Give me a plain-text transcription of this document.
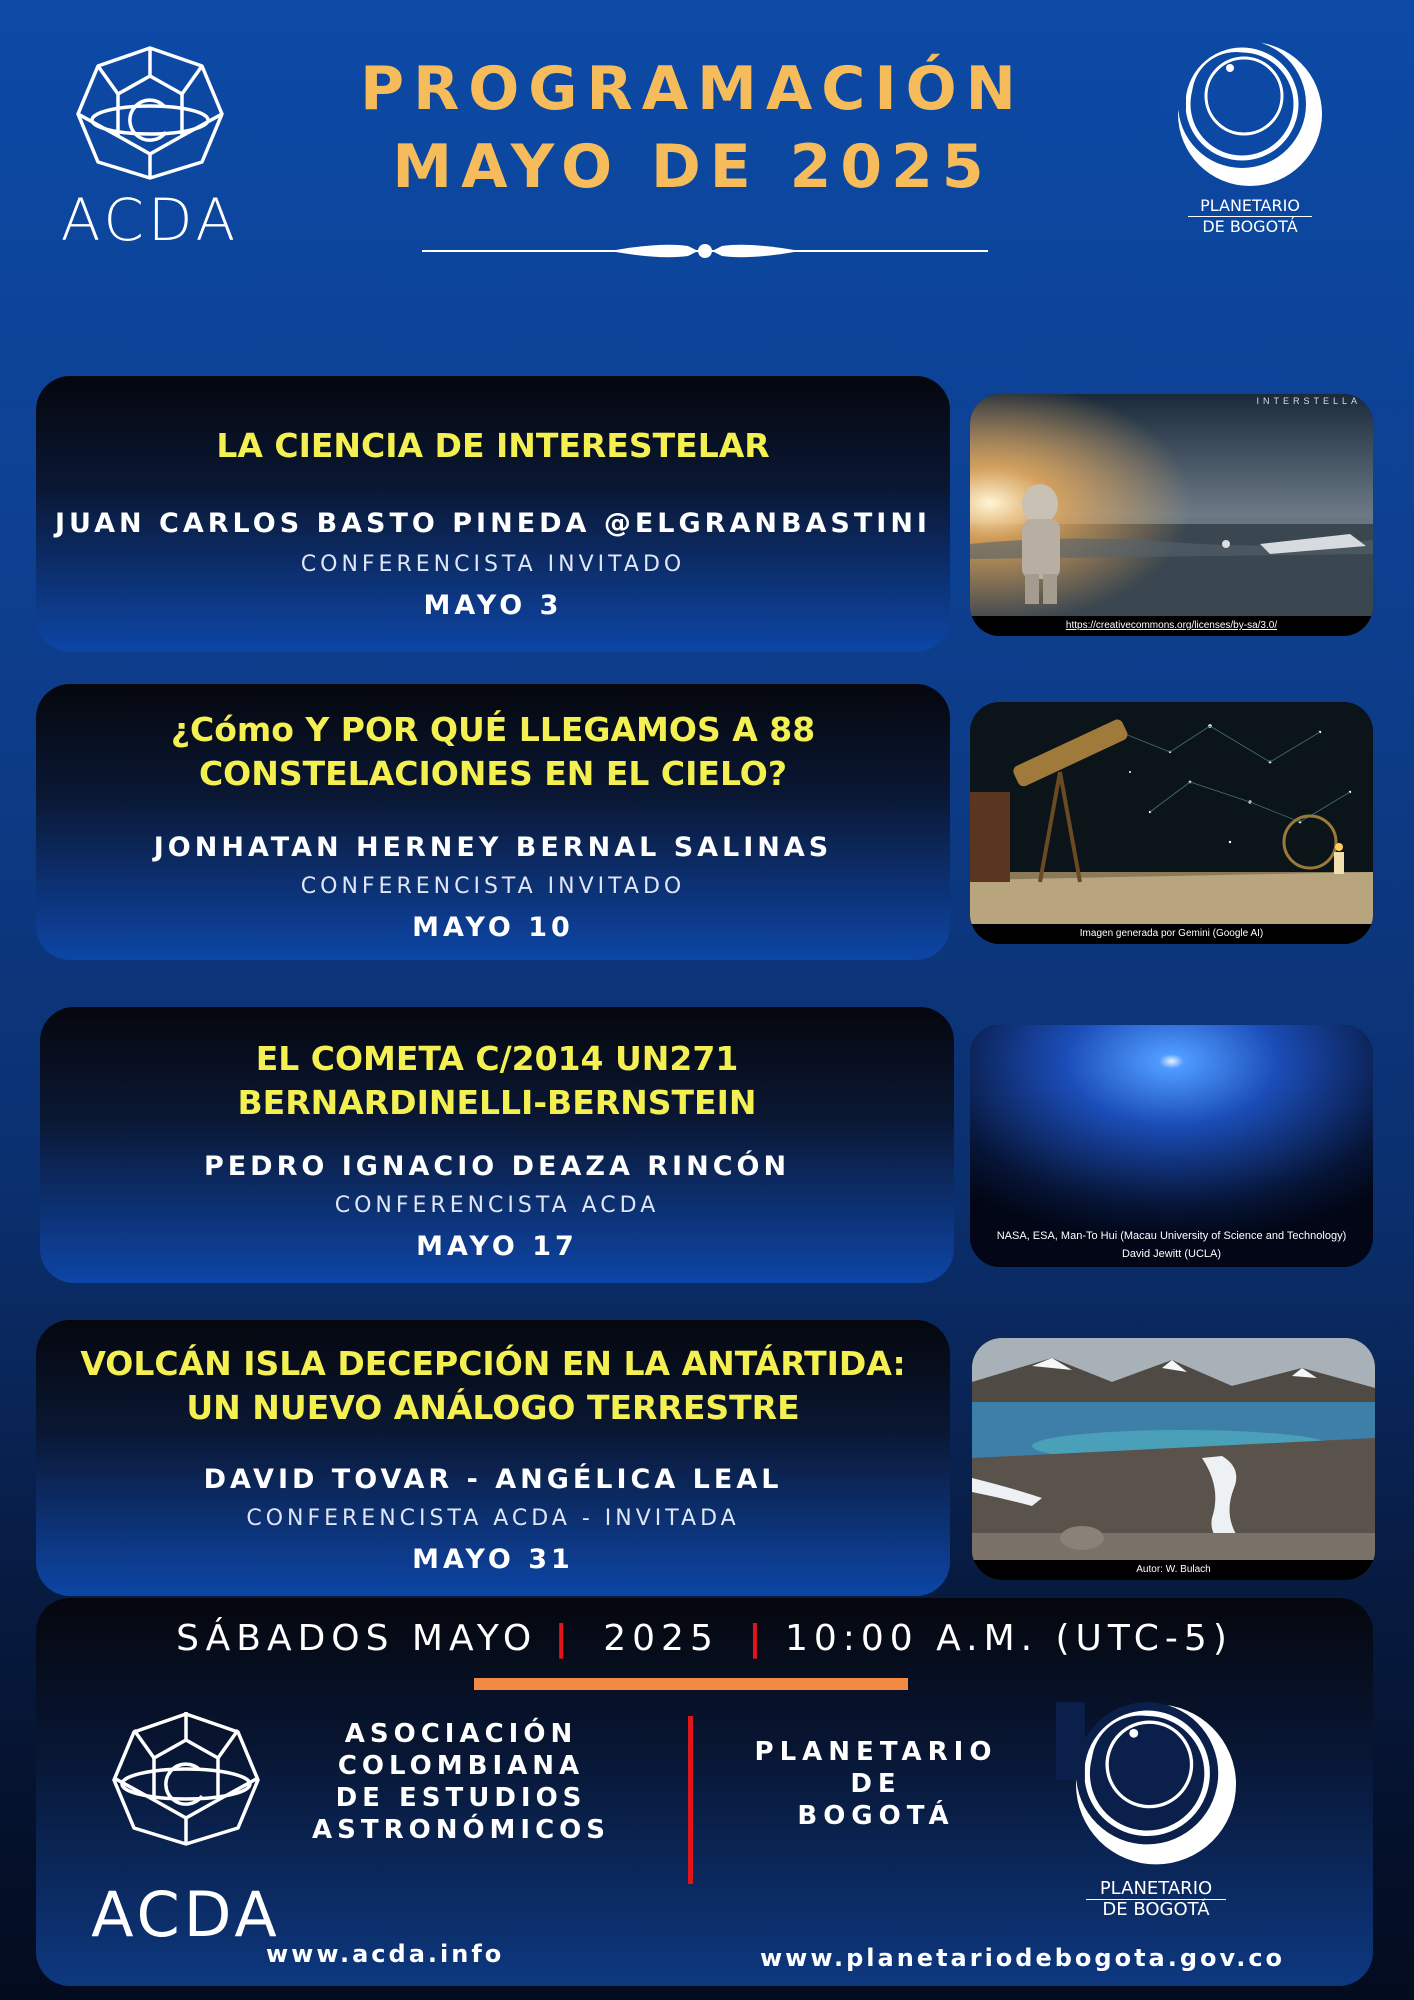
ACDA
PROGRAMACIÓN
MAYO DE 2025
PLANETARIO
DE BOGOTÁ
LA CIENCIA DE INTERESTELAR
JUAN CARLOS BASTO PINEDA @ELGRANBASTINI
CONFERENCISTA INVITADO
MAYO 3
INTERSTELLA
https://creativecommons.org/licenses/by-sa/3.0/
¿Cómo Y POR QUÉ LLEGAMOS A 88
CONSTELACIONES EN EL CIELO?
JONHATAN HERNEY BERNAL SALINAS
CONFERENCISTA INVITADO
MAYO 10	Imagen generada por Gemini (Google AI)
EL COMETA C/2014 UN271
BERNARDINELLI-BERNSTEIN
PEDRO IGNACIO DEAZA RINCÓN
CONFERENCISTA ACDA
MAYO 17	NASA, ESA, Man-To Hui (Macau University of Science and Technology)
David Jewitt (UCLA)
VOLCÁN ISLA DECEPCIÓN EN LA ANTÁRTIDA:
UN NUEVO ANÁLOGO TERRESTRE
DAVID TOVAR - ANGÉLICA LEAL
CONFERENCISTA ACDA - INVITADA
MAYO 31	Autor: W. Bulach
SÁBADOS MAYO | 2025 | 10:00 A.M. (UTC-5)
ACDA
ASOCIACIÓN
COLOMBIANA
DE ESTUDIOS
ASTRONÓMICOS
PLANETARIO
DE
BOGOTÁ
PLANETARIO
DE BOGOTÁ
www.acda.info	www.planetariodebogota.gov.co
